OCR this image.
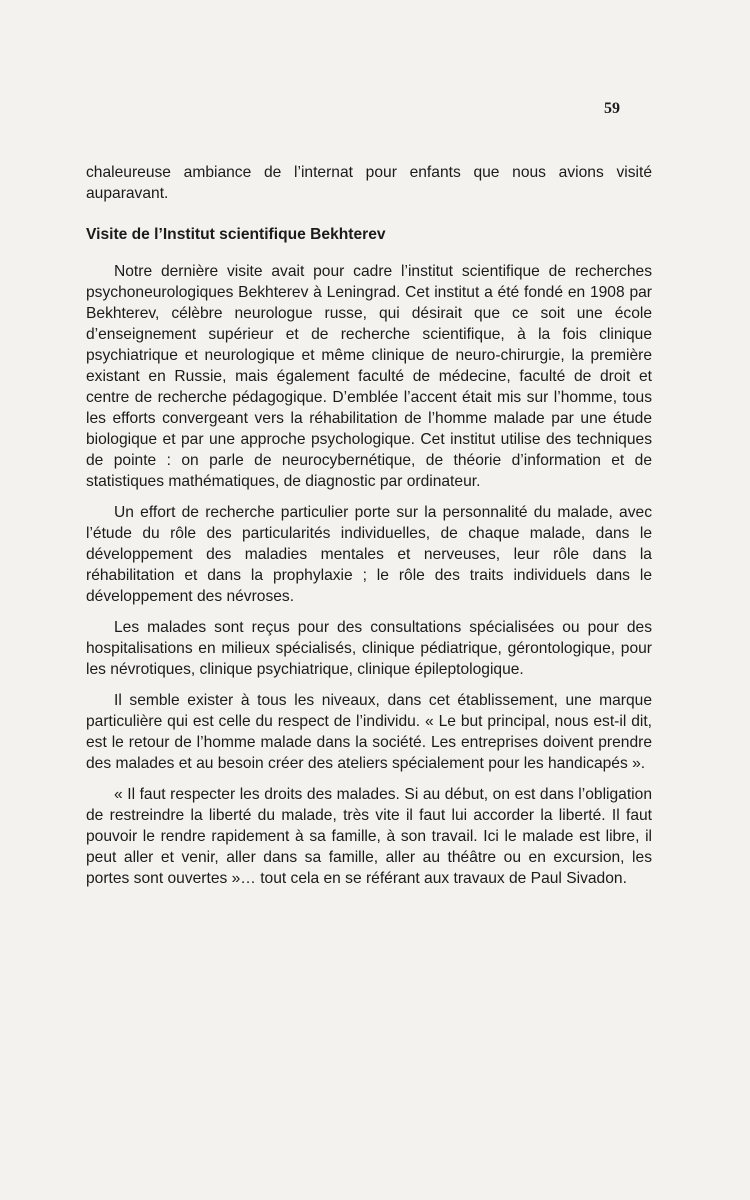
59

chaleureuse ambiance de l’internat pour enfants que nous avions visité auparavant.

Visite de l’Institut scientifique Bekhterev

Notre dernière visite avait pour cadre l’institut scientifique de recherches psychoneurologiques Bekhterev à Leningrad. Cet institut a été fondé en 1908 par Bekhterev, célèbre neurologue russe, qui désirait que ce soit une école d’enseignement supérieur et de recherche scientifique, à la fois clinique psychiatrique et neurologique et même clinique de neuro-chirurgie, la première existant en Russie, mais également faculté de médecine, faculté de droit et centre de recherche pédagogique. D’emblée l’accent était mis sur l’homme, tous les efforts convergeant vers la réhabilitation de l’homme malade par une étude biologique et par une approche psychologique. Cet institut utilise des techniques de pointe : on parle de neurocybernétique, de théorie d’information et de statistiques mathématiques, de diagnostic par ordinateur.

Un effort de recherche particulier porte sur la personnalité du malade, avec l’étude du rôle des particularités individuelles, de chaque malade, dans le développement des maladies mentales et nerveuses, leur rôle dans la réhabilitation et dans la prophylaxie ; le rôle des traits individuels dans le développement des névroses.

Les malades sont reçus pour des consultations spécialisées ou pour des hospitalisations en milieux spécialisés, clinique pédiatrique, gérontologique, pour les névrotiques, clinique psychiatrique, clinique épileptologique.

Il semble exister à tous les niveaux, dans cet établissement, une marque particulière qui est celle du respect de l’individu. « Le but principal, nous est-il dit, est le retour de l’homme malade dans la société. Les entreprises doivent prendre des malades et au besoin créer des ateliers spécialement pour les handicapés ».

« Il faut respecter les droits des malades. Si au début, on est dans l’obligation de restreindre la liberté du malade, très vite il faut lui accorder la liberté. Il faut pouvoir le rendre rapidement à sa famille, à son travail. Ici le malade est libre, il peut aller et venir, aller dans sa famille, aller au théâtre ou en excursion, les portes sont ouvertes »… tout cela en se référant aux travaux de Paul Sivadon.
